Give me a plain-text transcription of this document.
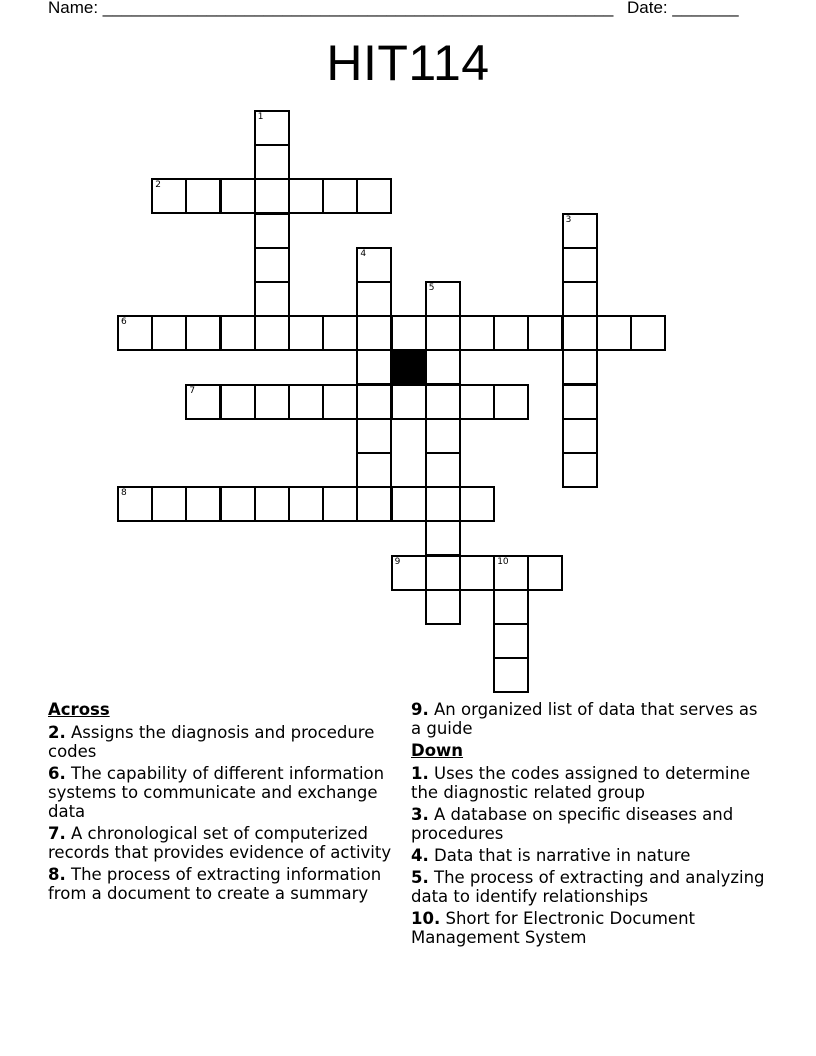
Name: ______________________________________________________ Date: _______
HIT114
1
2
3
4
5
6
7
8
9	10
Across
2. Assigns the diagnosis and procedure codes
6. The capability of different information systems to communicate and exchange data
7. A chronological set of computerized records that provides evidence of activity
8. The process of extracting information from a document to create a summary
9. An organized list of data that serves as a guide
Down
1. Uses the codes assigned to determine the diagnostic related group
3. A database on specific diseases and procedures
4. Data that is narrative in nature
5. The process of extracting and analyzing data to identify relationships
10. Short for Electronic Document Management System
